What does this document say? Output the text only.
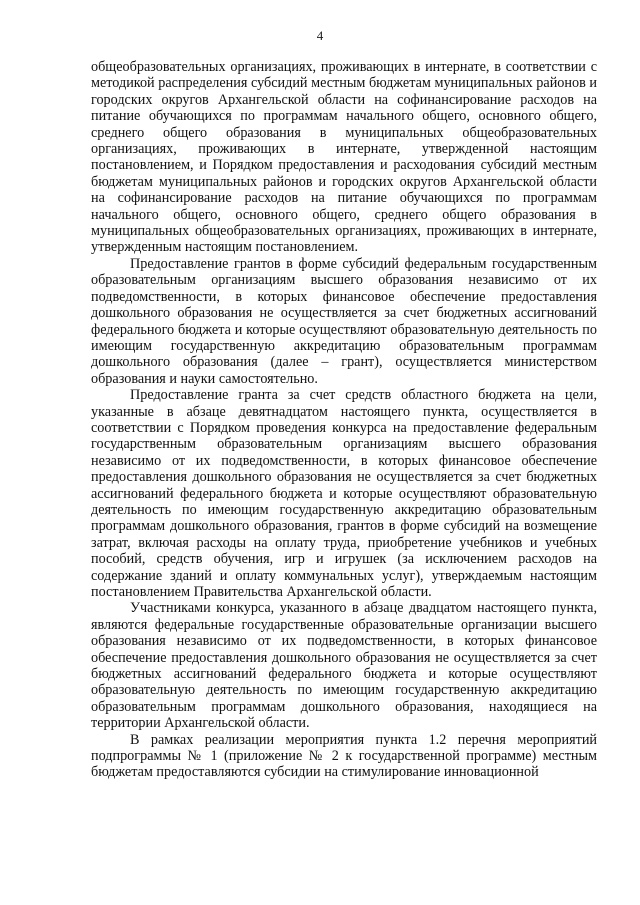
4

общеобразовательных организациях, проживающих в интернате, в соответствии с методикой распределения субсидий местным бюджетам муниципальных районов и городских округов Архангельской области на софинансирование расходов на питание обучающихся по программам начального общего, основного общего, среднего общего образования в муниципальных общеобразовательных организациях, проживающих в интернате, утвержденной настоящим постановлением, и Порядком предоставления и расходования субсидий местным бюджетам муниципальных районов и городских округов Архангельской области на софинансирование расходов на питание обучающихся по программам начального общего, основного общего, среднего общего образования в муниципальных общеобразовательных организациях, проживающих в интернате, утвержденным настоящим постановлением.

Предоставление грантов в форме субсидий федеральным государственным образовательным организациям высшего образования независимо от их подведомственности, в которых финансовое обеспечение предоставления дошкольного образования не осуществляется за счет бюджетных ассигнований федерального бюджета и которые осуществляют образовательную деятельность по имеющим государственную аккредитацию образовательным программам дошкольного образования (далее – грант), осуществляется министерством образования и науки самостоятельно.

Предоставление гранта за счет средств областного бюджета на цели, указанные в абзаце девятнадцатом настоящего пункта, осуществляется в соответствии с Порядком проведения конкурса на предоставление федеральным государственным образовательным организациям высшего образования независимо от их подведомственности, в которых финансовое обеспечение предоставления дошкольного образования не осуществляется за счет бюджетных ассигнований федерального бюджета и которые осуществляют образовательную деятельность по имеющим государственную аккредитацию образовательным программам дошкольного образования, грантов в форме субсидий на возмещение затрат, включая расходы на оплату труда, приобретение учебников и учебных пособий, средств обучения, игр и игрушек (за исключением расходов на содержание зданий и оплату коммунальных услуг), утверждаемым настоящим постановлением Правительства Архангельской области.

Участниками конкурса, указанного в абзаце двадцатом настоящего пункта, являются федеральные государственные образовательные организации высшего образования независимо от их подведомственности, в которых финансовое обеспечение предоставления дошкольного образования не осуществляется за счет бюджетных ассигнований федерального бюджета и которые осуществляют образовательную деятельность по имеющим государственную аккредитацию образовательным программам дошкольного образования, находящиеся на территории Архангельской области.

В рамках реализации мероприятия пункта 1.2 перечня мероприятий подпрограммы № 1 (приложение № 2 к государственной программе) местным бюджетам предоставляются субсидии на стимулирование инновационной
